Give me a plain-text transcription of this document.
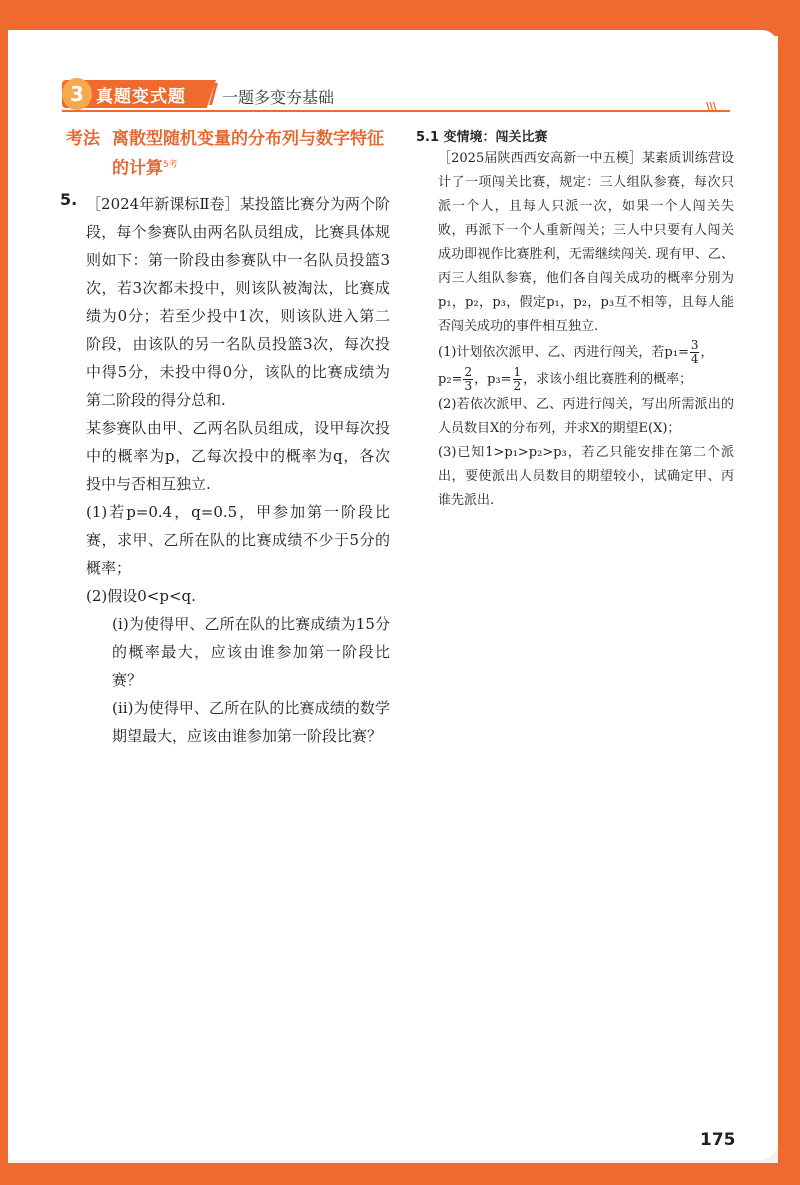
3 真题变式题 一题多变夯基础	\\\
考法 离散型随机变量的分布列与数字特征的计算$^{5考}$
5. ［2024年新课标Ⅱ卷］某投篮比赛分为两个阶段，每个参赛队由两名队员组成，比赛具体规则如下：第一阶段由参赛队中一名队员投篮3次，若3次都未投中，则该队被淘汰，比赛成绩为0分；若至少投中1次，则该队进入第二阶段，由该队的另一名队员投篮3次，每次投中得5分，未投中得0分，该队的比赛成绩为第二阶段的得分总和.

某参赛队由甲、乙两名队员组成，设甲每次投中的概率为p，乙每次投中的概率为q，各次投中与否相互独立.

(1)若p=0.4，q=0.5，甲参加第一阶段比赛，求甲、乙所在队的比赛成绩不少于5分的概率；

(2)假设0<p<q.

(ⅰ)为使得甲、乙所在队的比赛成绩为15分的概率最大，应该由谁参加第一阶段比赛？

(ⅱ)为使得甲、乙所在队的比赛成绩的数学期望最大，应该由谁参加第一阶段比赛？

5.1 变情境：闯关比赛

［2025届陕西西安高新一中五模］某素质训练营设计了一项闯关比赛，规定：三人组队参赛，每次只派一个人，且每人只派一次，如果一个人闯关失败，再派下一个人重新闯关；三人中只要有人闯关成功即视作比赛胜利，无需继续闯关. 现有甲、乙、丙三人组队参赛，他们各自闯关成功的概率分别为p₁，p₂，p₃，假定p₁，p₂，p₃互不相等，且每人能否闯关成功的事件相互独立.

(1)计划依次派甲、乙、丙进行闯关，若$p_1= \frac{3}{4}$ ，
$p_2= \frac{2}{3}$ ，$p_3= \frac{1}{2}$ ，求该小组比赛胜利的概率；

(2)若依次派甲、乙、丙进行闯关，写出所需派出的人员数目X的分布列，并求X的期望E(X)；

(3)已知1>p₁>p₂>p₃，若乙只能安排在第二个派出，要使派出人员数目的期望较小，试确定甲、丙谁先派出.

175
